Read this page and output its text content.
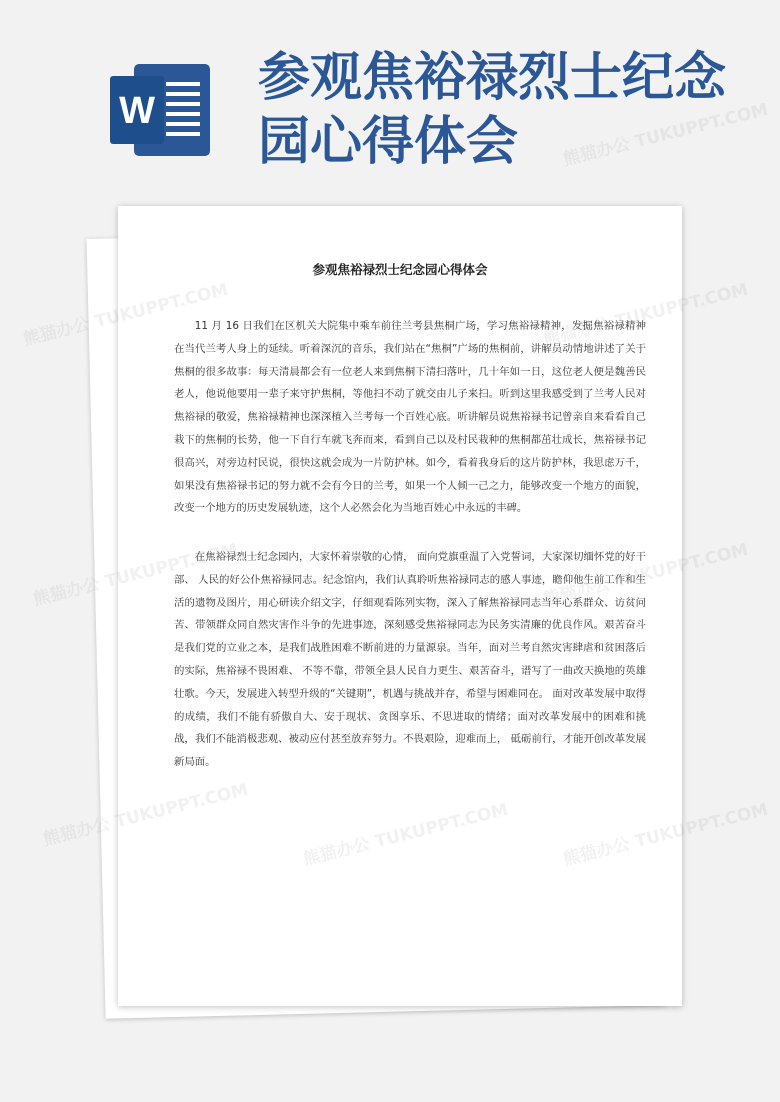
W
参观焦裕禄烈士纪念园心得体会
参观焦裕禄烈士纪念园心得体会

11 月 16 日我们在区机关大院集中乘车前往兰考县焦桐广场，学习焦裕禄精神，发掘焦裕禄精神在当代兰考人身上的延续。听着深沉的音乐，我们站在“焦桐”广场的焦桐前，讲解员动情地讲述了关于焦桐的很多故事：每天清晨都会有一位老人来到焦桐下清扫落叶，几十年如一日，这位老人便是魏善民老人，他说他要用一辈子来守护焦桐，等他扫不动了就交由儿子来扫。听到这里我感受到了兰考人民对焦裕禄的敬爱，焦裕禄精神也深深植入兰考每一个百姓心底。听讲解员说焦裕禄书记曾亲自来看看自己栽下的焦桐的长势，他一下自行车就飞奔而来，看到自己以及村民栽种的焦桐都茁壮成长，焦裕禄书记很高兴，对旁边村民说，很快这就会成为一片防护林。如今，看着我身后的这片防护林，我思虑万千，如果没有焦裕禄书记的努力就不会有今日的兰考，如果一个人倾一己之力，能够改变一个地方的面貌，改变一个地方的历史发展轨迹，这个人必然会化为当地百姓心中永远的丰碑。

在焦裕禄烈士纪念园内，大家怀着崇敬的心情， 面向党旗重温了入党誓词，大家深切缅怀党的好干部、 人民的好公仆焦裕禄同志。纪念馆内，我们认真聆听焦裕禄同志的感人事迹，瞻仰他生前工作和生活的遗物及图片，用心研读介绍文字，仔细观看陈列实物，深入了解焦裕禄同志当年心系群众、访贫问苦、带领群众同自然灾害作斗争的先进事迹，深刻感受焦裕禄同志为民务实清廉的优良作风。艰苦奋斗是我们党的立业之本，是我们战胜困难不断前进的力量源泉。当年，面对兰考自然灾害肆虐和贫困落后的实际，焦裕禄不畏困难、 不等不靠，带领全县人民自力更生、艰苦奋斗，谱写了一曲改天换地的英雄壮歌。今天，发展进入转型升级的“关键期”，机遇与挑战并存，希望与困难同在。 面对改革发展中取得的成绩，我们不能有骄傲自大、安于现状、贪图享乐、不思进取的情绪；面对改革发展中的困难和挑战，我们不能消极悲观、被动应付甚至放弃努力。不畏艰险，迎难而上， 砥砺前行，才能开创改革发展新局面。

熊猫办公
熊猫办公
熊猫办公	TUKUPPT.COM
熊猫办公 TUKUPPT.COM
